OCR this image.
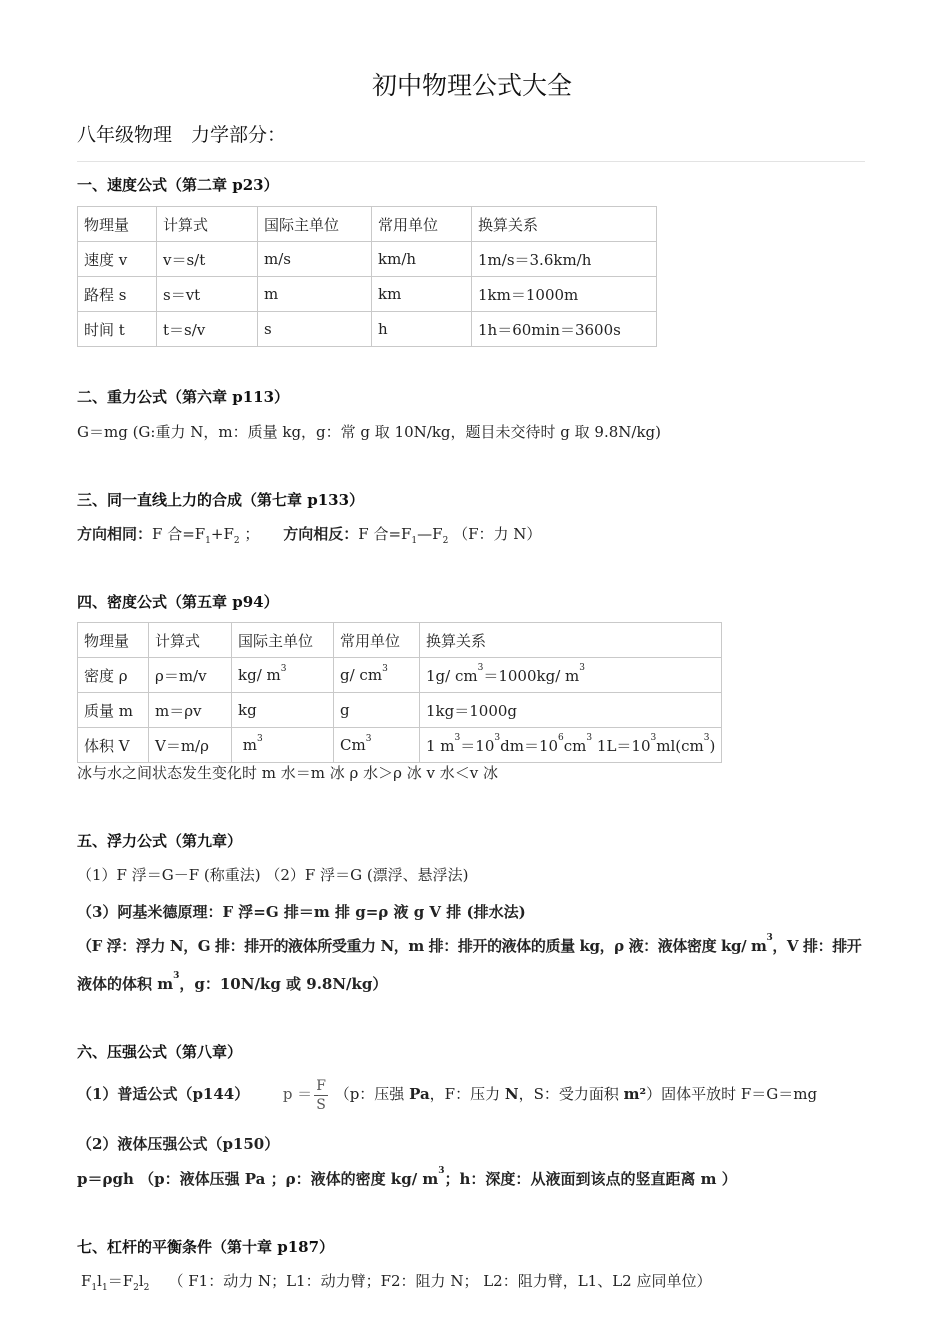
初中物理公式大全
八年级物理　力学部分：
一、速度公式（第二章 p23）
物理量	计算式	国际主单位	常用单位	换算关系
速度 v	v＝s/t	m/s	km/h	1m/s＝3.6km/h
路程 s	s＝vt	m	km	1km＝1000m
时间 t	t＝s/v	s	h	1h＝60min＝3600s
二、重力公式（第六章 p113）
G＝mg (G:重力 N，m：质量 kg，g：常 g 取 10N/kg，题目未交待时 g 取 9.8N/kg)
三、同一直线上力的合成（第七章 p133）
方向相同：F 合$=F_1+F_2$ ； 方向相反：F 合$=F_1—F_2$ （F：力 N）
四、密度公式（第五章 p94）
物理量	计算式	国际主单位	常用单位	换算关系
密度 ρ	ρ＝m/v	kg/ $m^3$	g/ $cm^3$	1g/ $cm^3=1000kg/$ $m^3$
质量 m	m＝ρv	kg	g	1kg＝1000g
体积 V	V＝m/ρ	$m^3$	Cm$^3$	1 $m^3=10^3dm=10^6cm^3$ $1L=10^3ml(cm^3)$
冰与水之间状态发生变化时 m 水＝m 冰 ρ 水＞ρ 冰 v 水＜v 冰
五、浮力公式（第九章）
（1）F 浮＝G－F (称重法) （2）F 浮＝G (漂浮、悬浮法)
（3）阿基米德原理：F 浮=G 排＝m 排 g=ρ 液 g V 排 (排水法)
（F 浮：浮力 N，G 排：排开的液体所受重力 N，m 排：排开的液体的质量 kg，ρ 液：液体密度 kg/ $m^3$，V 排：排开
液体的体积 $m^3$，g：10N/kg 或 9.8N/kg）
六、压强公式（第八章）
（1）普适公式（p144） $p = \frac{F}{S} (p$：压强 Pa，F：压力 N，S：受力面积 m²）固体平放时 F＝G＝mg
（2）液体压强公式（p150）
p＝ρgh （p：液体压强 Pa ；ρ：液体的密度 kg/ $m^3$；h：深度：从液面到该点的竖直距离 m ）
七、杠杆的平衡条件（第十章 p187）
$F_1l_1=F_2l_2$ （ F1：动力 N；L1：动力臂；F2：阻力 N； L2：阻力臂，L1、L2 应同单位）
